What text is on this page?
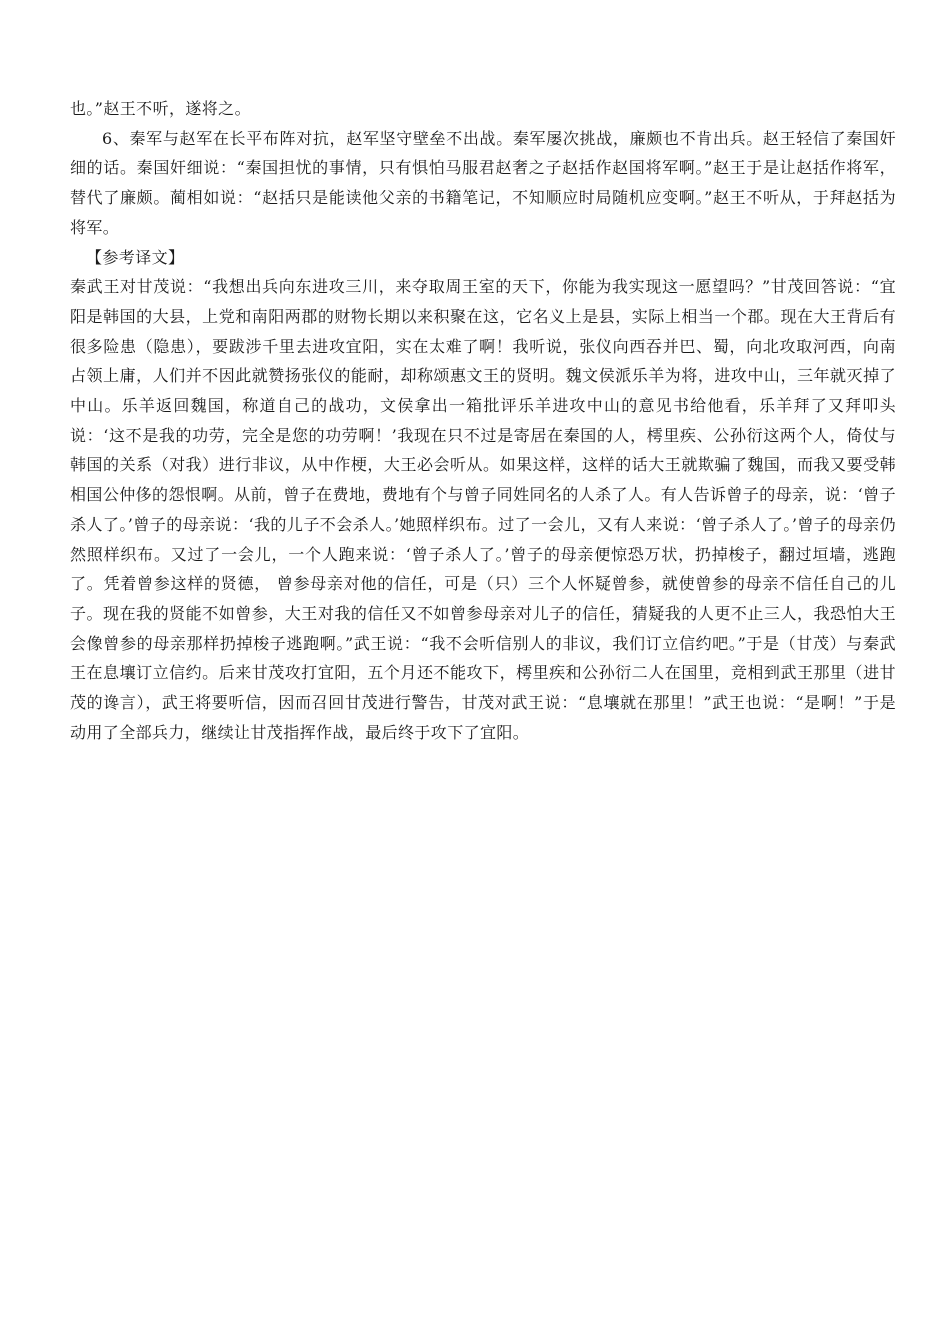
也。”赵王不听，遂将之。

6、秦军与赵军在长平布阵对抗，赵军坚守壁垒不出战。秦军屡次挑战，廉颇也不肯出兵。赵王轻信了秦国奸细的话。秦国奸细说：“秦国担忧的事情，只有惧怕马服君赵奢之子赵括作赵国将军啊。”赵王于是让赵括作将军，替代了廉颇。蔺相如说：“赵括只是能读他父亲的书籍笔记，不知顺应时局随机应变啊。”赵王不听从，于拜赵括为将军。

【参考译文】

秦武王对甘茂说：“我想出兵向东进攻三川，来夺取周王室的天下，你能为我实现这一愿望吗？”甘茂回答说：“宜阳是韩国的大县，上党和南阳两郡的财物长期以来积聚在这，它名义上是县，实际上相当一个郡。现在大王背后有很多险患（隐患），要跋涉千里去进攻宜阳，实在太难了啊！我听说，张仪向西吞并巴、蜀，向北攻取河西，向南占领上庸，人们并不因此就赞扬张仪的能耐，却称颂惠文王的贤明。魏文侯派乐羊为将，进攻中山，三年就灭掉了中山。乐羊返回魏国，称道自己的战功，文侯拿出一箱批评乐羊进攻中山的意见书给他看，乐羊拜了又拜叩头说：‘这不是我的功劳，完全是您的功劳啊！’我现在只不过是寄居在秦国的人，樗里疾、公孙衍这两个人，倚仗与韩国的关系（对我）进行非议，从中作梗，大王必会听从。如果这样，这样的话大王就欺骗了魏国，而我又要受韩相国公仲侈的怨恨啊。从前，曾子在费地，费地有个与曾子同姓同名的人杀了人。有人告诉曾子的母亲，说：‘曾子杀人了。’曾子的母亲说：‘我的儿子不会杀人。’她照样织布。过了一会儿，又有人来说：‘曾子杀人了。’曾子的母亲仍然照样织布。又过了一会儿，一个人跑来说：‘曾子杀人了。’曾子的母亲便惊恐万状，扔掉梭子，翻过垣墙，逃跑了。凭着曾参这样的贤德， 曾参母亲对他的信任，可是（只）三个人怀疑曾参，就使曾参的母亲不信任自己的儿子。现在我的贤能不如曾参，大王对我的信任又不如曾参母亲对儿子的信任，猜疑我的人更不止三人，我恐怕大王会像曾参的母亲那样扔掉梭子逃跑啊。”武王说：“我不会听信别人的非议，我们订立信约吧。”于是（甘茂）与秦武王在息壤订立信约。后来甘茂攻打宜阳，五个月还不能攻下，樗里疾和公孙衍二人在国里，竞相到武王那里（进甘茂的谗言），武王将要听信，因而召回甘茂进行警告，甘茂对武王说：“息壤就在那里！”武王也说：“是啊！”于是动用了全部兵力，继续让甘茂指挥作战，最后终于攻下了宜阳。
